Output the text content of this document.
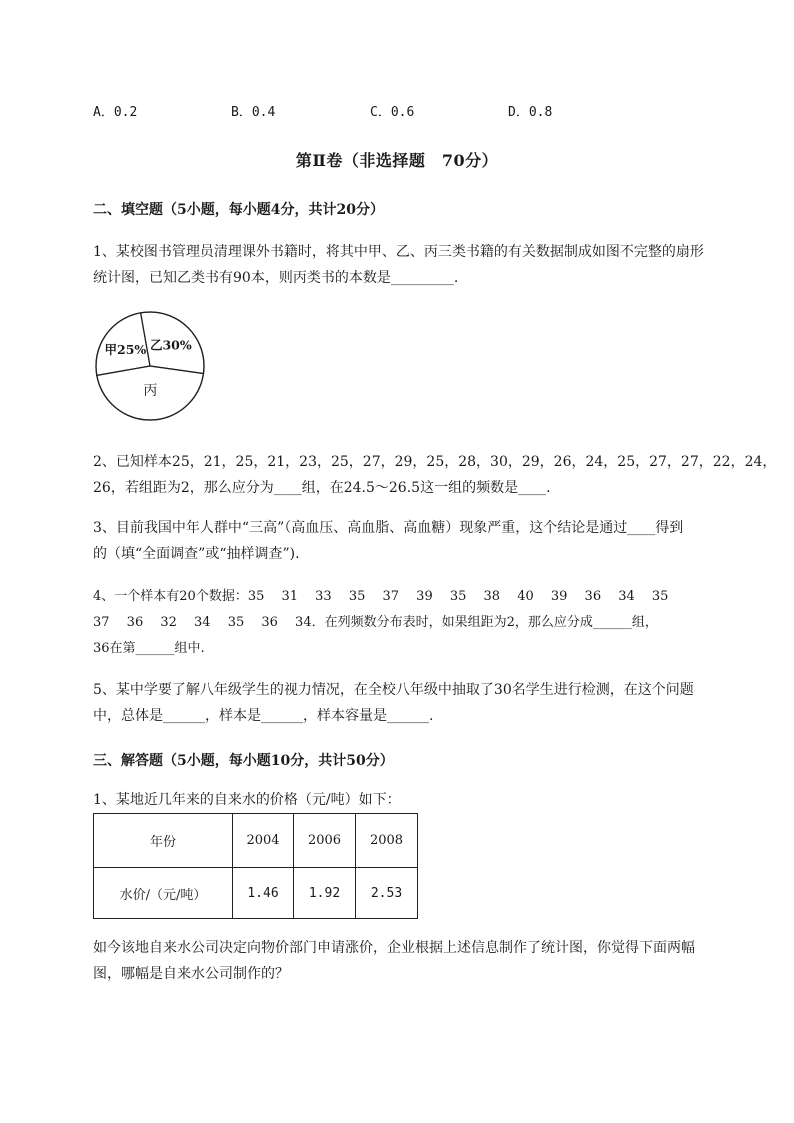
A．0.2	B．0.4	C．0.6	D．0.8
第Ⅱ卷（非选择题　70分）
二、填空题（5小题，每小题4分，共计20分）
1、某校图书管理员清理课外书籍时，将其中甲、乙、丙三类书籍的有关数据制成如图不完整的扇形
统计图，已知乙类书有90本，则丙类书的本数是_________.
甲25% 乙30%
丙
2、已知样本25，21，25，21，23，25，27，29，25，28，30，29，26，24，25，27，27，22，24，
26，若组距为2，那么应分为____组，在24.5～26.5这一组的频数是____.
3、目前我国中年人群中“三高”（高血压、高血脂、高血糖）现象严重，这个结论是通过____得到
的（填“全面调查”或“抽样调查”).
4、一个样本有20个数据：35　 31　 33　 35　 37　 39　 35　 38　 40　 39　 36　 34　 35
37　 36　 32　 34　 35　 36　 34．在列频数分布表时，如果组距为2，那么应分成______组，
36在第______组中.
5、某中学要了解八年级学生的视力情况，在全校八年级中抽取了30名学生进行检测，在这个问题
中，总体是______，样本是______，样本容量是______.
三、解答题（5小题，每小题10分，共计50分）
1、某地近几年来的自来水的价格（元/吨）如下：
年份	2004	2006	2008
水价/（元/吨）	1.46	1.92	2.53
如今该地自来水公司决定向物价部门申请涨价，企业根据上述信息制作了统计图，你觉得下面两幅
图，哪幅是自来水公司制作的？
